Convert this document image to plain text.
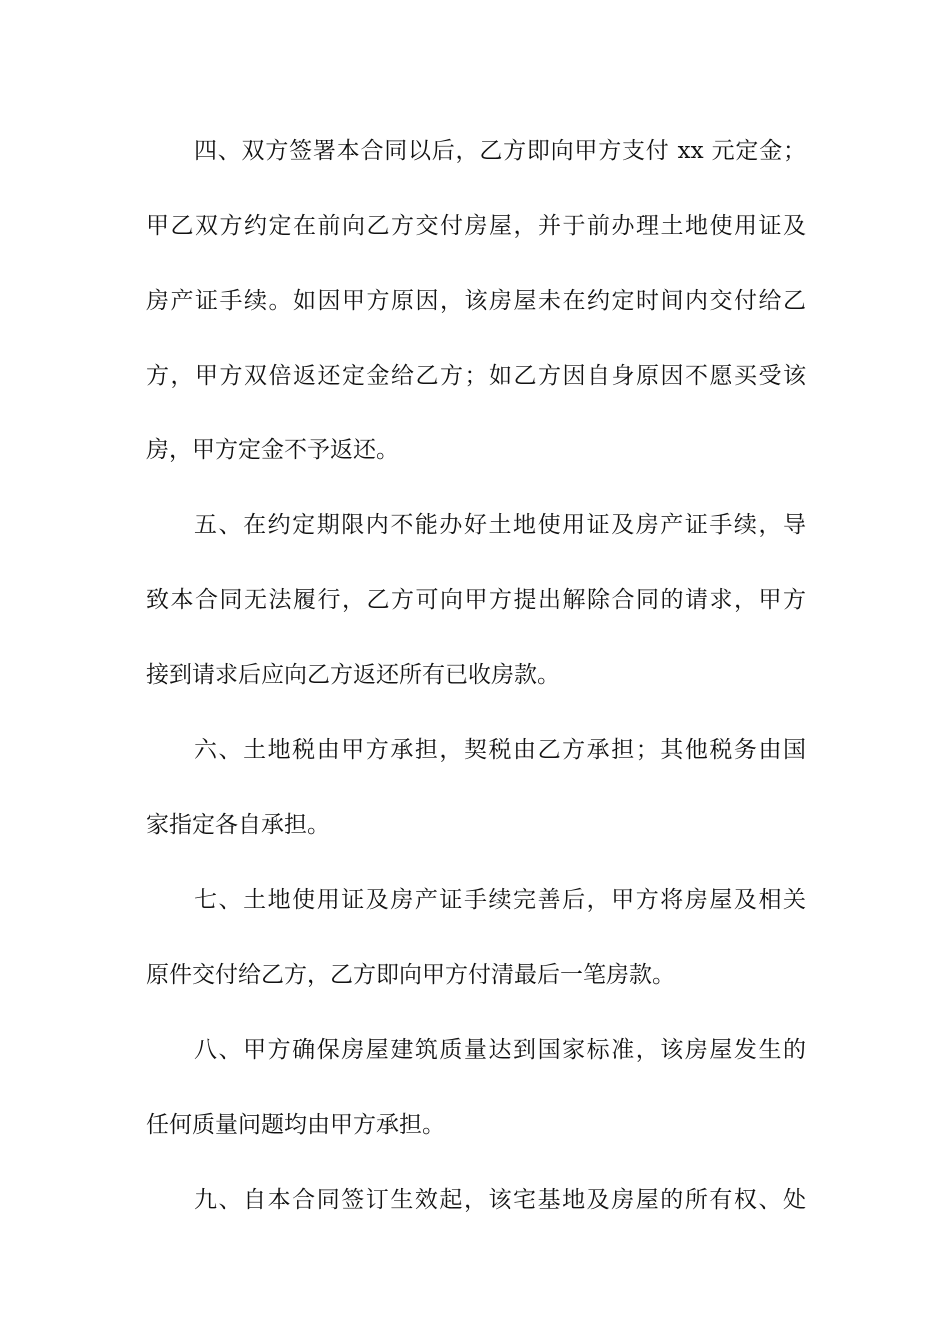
四、双方签署本合同以后，乙方即向甲方支付 xx 元定金；
甲乙双方约定在前向乙方交付房屋，并于前办理土地使用证及
房产证手续。如因甲方原因，该房屋未在约定时间内交付给乙
方，甲方双倍返还定金给乙方；如乙方因自身原因不愿买受该
房，甲方定金不予返还。
五、在约定期限内不能办好土地使用证及房产证手续，导
致本合同无法履行，乙方可向甲方提出解除合同的请求，甲方
接到请求后应向乙方返还所有已收房款。
六、土地税由甲方承担，契税由乙方承担；其他税务由国
家指定各自承担。
七、土地使用证及房产证手续完善后，甲方将房屋及相关
原件交付给乙方，乙方即向甲方付清最后一笔房款。
八、甲方确保房屋建筑质量达到国家标准，该房屋发生的
任何质量问题均由甲方承担。
九、自本合同签订生效起，该宅基地及房屋的所有权、处
